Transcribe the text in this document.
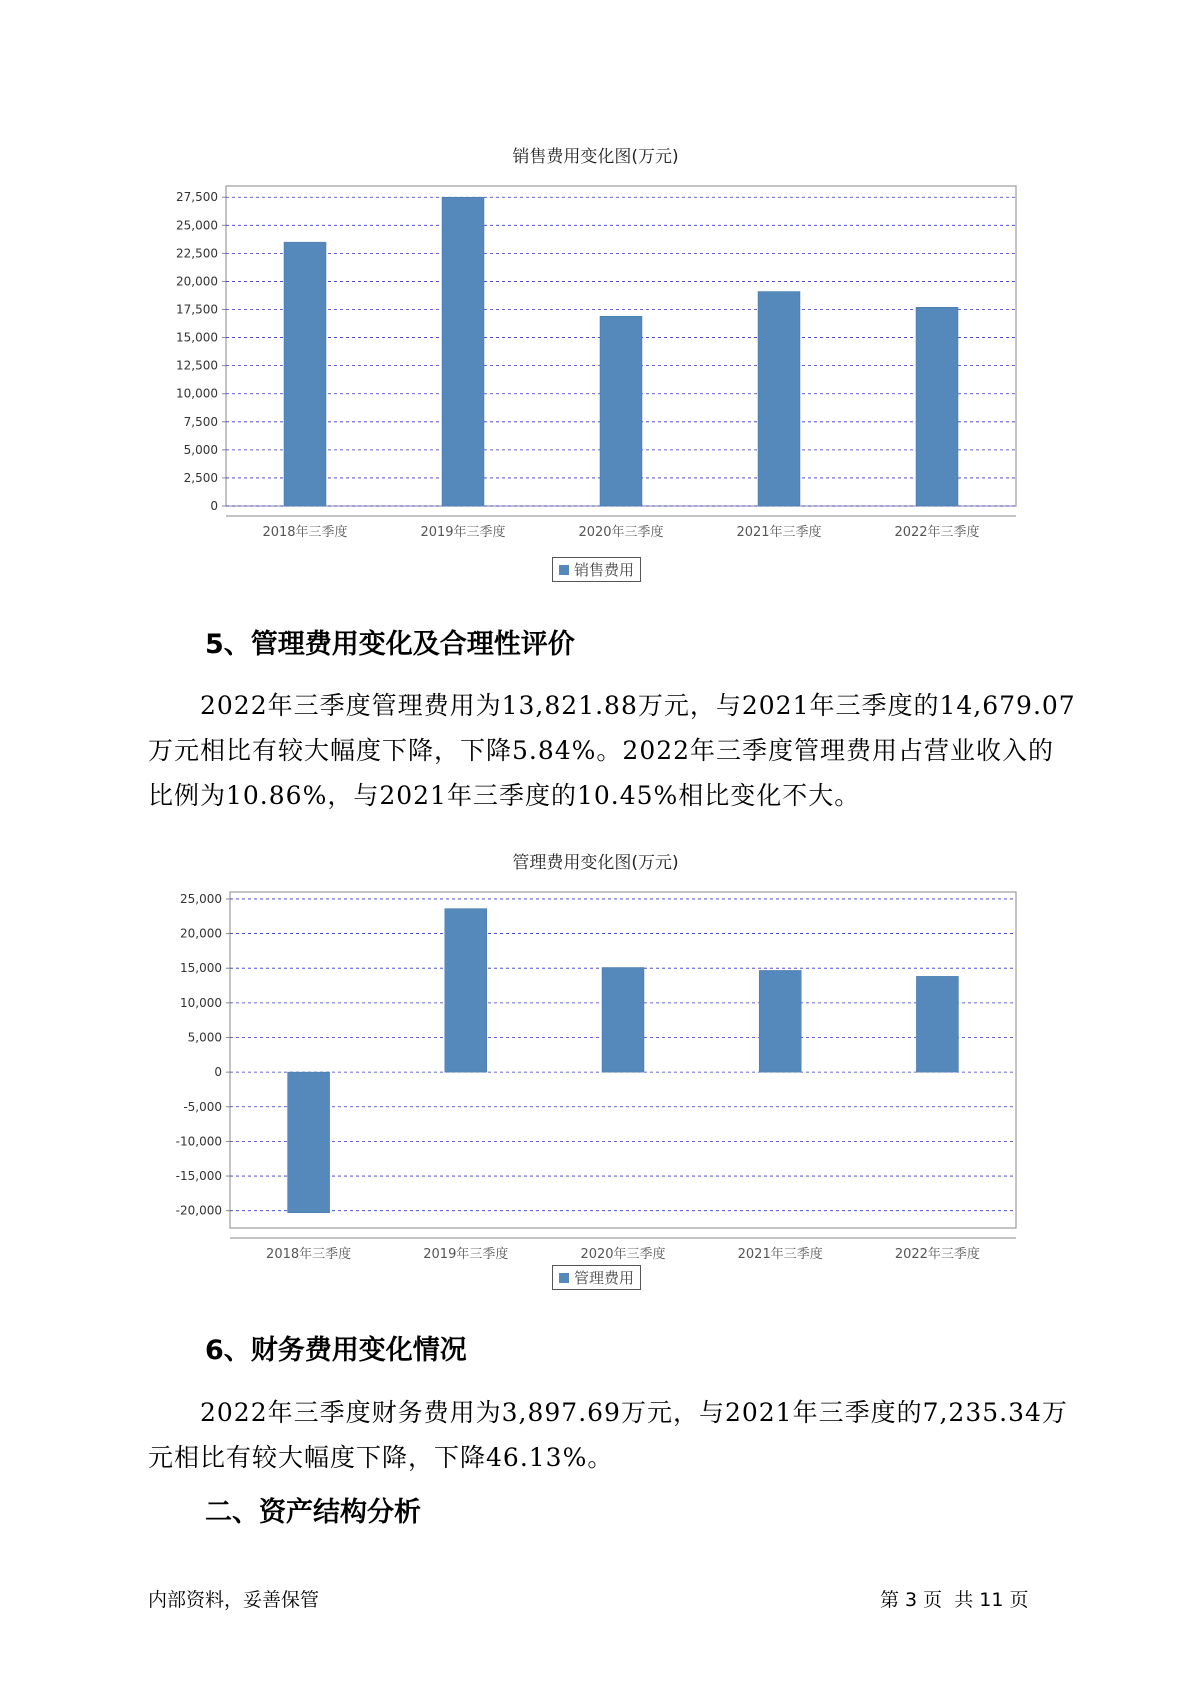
销售费用变化图(万元)
27,500
25,000
22,500
20,000
17,500
15,000
12,500
10,000
7,500
5,000
2,500
0
2018年三季度	2019年三季度	2020年三季度	2021年三季度	2022年三季度
销售费用
5、管理费用变化及合理性评价
2022年三季度管理费用为13,821.88万元，与2021年三季度的14,679.07万元相比有较大幅度下降，下降5.84%。2022年三季度管理费用占营业收入的比例为10.86%，与2021年三季度的10.45%相比变化不大。
管理费用变化图(万元)
25,000
20,000
15,000
10,000
5,000
0
-5,000
-10,000
-15,000
-20,000
2018年三季度	2019年三季度	2020年三季度	2021年三季度	2022年三季度
管理费用
6、财务费用变化情况
2022年三季度财务费用为3,897.69万元，与2021年三季度的7,235.34万元相比有较大幅度下降，下降46.13%。
二、资产结构分析
内部资料，妥善保管	第 3 页  共 11 页
